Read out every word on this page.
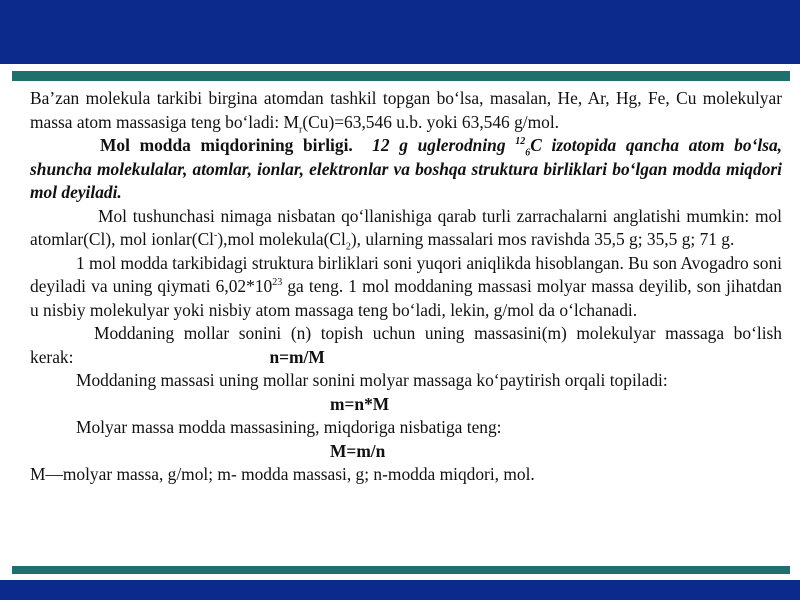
Ba’zan molekula tarkibi birgina atomdan tashkil topgan bo‘lsa, masalan, He, Ar, Hg, Fe, Cu molekulyar massa atom massasiga teng bo‘ladi: $M_r(Cu)=63,546$ u.b. yoki 63,546 g/mol.

Mol modda miqdorining birligi. 12 g uglerodning $^{12}_6$C izotopida qancha atom bo‘lsa, shuncha molekulalar, atomlar, ionlar, elektronlar va boshqa struktura birliklari bo‘lgan modda miqdori mol deyiladi.

Mol tushunchasi nimaga nisbatan qo‘llanishiga qarab turli zarrachalarni anglatishi mumkin: mol atomlar(Cl), mol ionlar(Cl-),mol $molekula(Cl_2)$, ularning massalari mos ravishda 35,5 g; 35,5 g; 71 g.

1 mol modda tarkibidagi struktura birliklari soni yuqori aniqlikda hisoblangan. Bu son Avogadro soni deyiladi va uning qiymati $6,02*10^{23}$ ga teng. 1 mol moddaning massasi molyar massa deyilib, son jihatdan u nisbiy molekulyar yoki nisbiy atom massaga teng bo‘ladi, lekin, g/mol da o‘lchanadi.

Moddaning mollar sonini (n) topish uchun uning massasini(m) molekulyar massaga bo‘lish kerak:	n=m/M

Moddaning massasi uning mollar sonini molyar massaga ko‘paytirish orqali topiladi:

m=n*M

Molyar massa modda massasining, miqdoriga nisbatiga teng:

M=m/n

M—molyar massa, g/mol; m- modda massasi, g; n-modda miqdori, mol.
